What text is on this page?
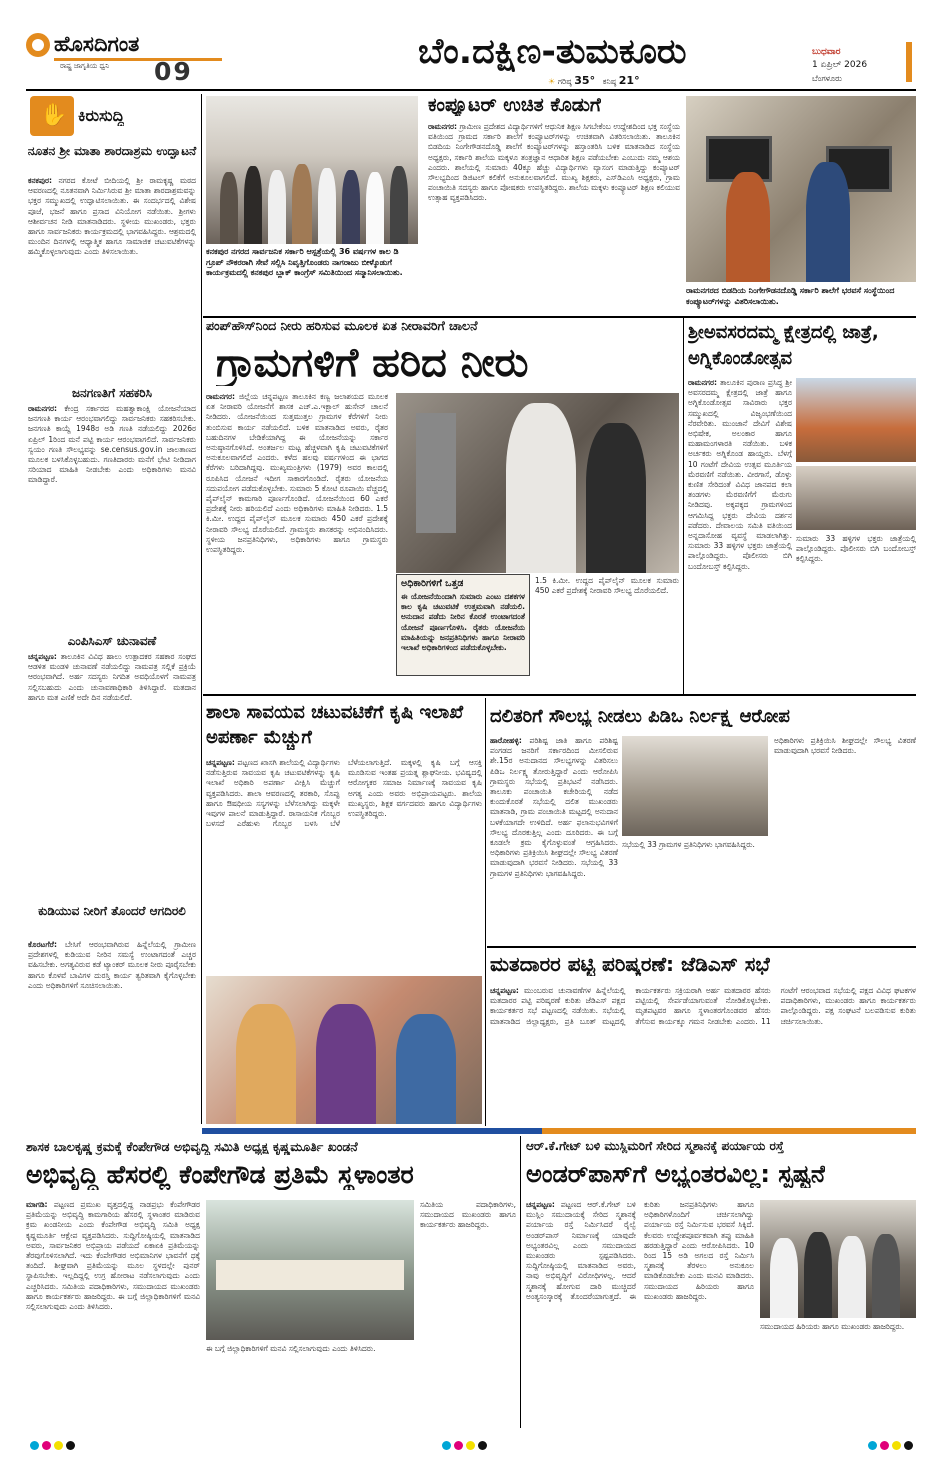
ಹೊಸದಿಗಂತ
ರಾಷ್ಟ್ರ ಜಾಗೃತಿಯ ಧ್ವನಿ 09	ಬೆಂ.ದಕ್ಷಿಣ-ತುಮಕೂರು
☀ ಗರಿಷ್ಠ 35° ಕನಿಷ್ಠ 21°
ಬುಧವಾರ
1 ಏಪ್ರಿಲ್ 2026
ಬೆಂಗಳೂರು
✋ ಕಿರುಸುದ್ದಿ
ನೂತನ ಶ್ರೀ ಮಾತಾ ಶಾರದಾಶ್ರಮ ಉದ್ಘಾಟನೆ
ಕನಕಪುರ: ನಗರದ ಕೋಟೆ ಬೀದಿಯಲ್ಲಿ ಶ್ರೀ ರಾಮಕೃಷ್ಣ ಮಠದ ಆವರಣದಲ್ಲಿ ನೂತನವಾಗಿ ನಿರ್ಮಿಸಿರುವ ಶ್ರೀ ಮಾತಾ ಶಾರದಾಶ್ರಮವನ್ನು ಭಕ್ತರ ಸಮ್ಮುಖದಲ್ಲಿ ಉದ್ಘಾಟಿಸಲಾಯಿತು. ಈ ಸಂದರ್ಭದಲ್ಲಿ ವಿಶೇಷ ಪೂಜೆ, ಭಜನೆ ಹಾಗೂ ಪ್ರಸಾದ ವಿನಿಯೋಗ ನಡೆಯಿತು. ಶ್ರೀಗಳು ಆಶೀರ್ವಚನ ನೀಡಿ ಮಾತನಾಡಿದರು. ಸ್ಥಳೀಯ ಮುಖಂಡರು, ಭಕ್ತರು ಹಾಗೂ ಸಾರ್ವಜನಿಕರು ಕಾರ್ಯಕ್ರಮದಲ್ಲಿ ಭಾಗವಹಿಸಿದ್ದರು. ಆಶ್ರಮದಲ್ಲಿ ಮುಂದಿನ ದಿನಗಳಲ್ಲಿ ಆಧ್ಯಾತ್ಮಿಕ ಹಾಗೂ ಸಾಮಾಜಿಕ ಚಟುವಟಿಕೆಗಳನ್ನು ಹಮ್ಮಿಕೊಳ್ಳಲಾಗುವುದು ಎಂದು ತಿಳಿಸಲಾಯಿತು.
ಜನಗಣತಿಗೆ ಸಹಕರಿಸಿ
ರಾಮನಗರ: ಕೇಂದ್ರ ಸರ್ಕಾರದ ಮಹತ್ವಾಕಾಂಕ್ಷಿ ಯೋಜನೆಯಾದ ಜನಗಣತಿ ಕಾರ್ಯ ಆರಂಭವಾಗಲಿದ್ದು ಸಾರ್ವಜನಿಕರು ಸಹಕರಿಸಬೇಕು. ಜನಗಣತಿ ಕಾಯ್ದೆ 1948ರ ಅಡಿ ಗಣತಿ ನಡೆಯಲಿದ್ದು 2026ರ ಏಪ್ರಿಲ್ 1ರಿಂದ ಮನೆ ಪಟ್ಟಿ ಕಾರ್ಯ ಆರಂಭವಾಗಲಿದೆ. ಸಾರ್ವಜನಿಕರು ಸ್ವಯಂ ಗಣತಿ ಸೌಲಭ್ಯವನ್ನು se.census.gov.in ಜಾಲತಾಣದ ಮೂಲಕ ಬಳಸಿಕೊಳ್ಳಬಹುದು. ಗಣತಿದಾರರು ಮನೆಗೆ ಭೇಟಿ ನೀಡಿದಾಗ ಸರಿಯಾದ ಮಾಹಿತಿ ನೀಡಬೇಕು ಎಂದು ಅಧಿಕಾರಿಗಳು ಮನವಿ ಮಾಡಿದ್ದಾರೆ.
ಎಂಪಿಸಿಎಸ್ ಚುನಾವಣೆ
ಚನ್ನಪಟ್ಟಣ: ತಾಲೂಕಿನ ವಿವಿಧ ಹಾಲು ಉತ್ಪಾದಕರ ಸಹಕಾರ ಸಂಘದ ಆಡಳಿತ ಮಂಡಳಿ ಚುನಾವಣೆ ನಡೆಯಲಿದ್ದು ನಾಮಪತ್ರ ಸಲ್ಲಿಕೆ ಪ್ರಕ್ರಿಯೆ ಆರಂಭವಾಗಿದೆ. ಅರ್ಹ ಸದಸ್ಯರು ನಿಗದಿತ ಅವಧಿಯೊಳಗೆ ನಾಮಪತ್ರ ಸಲ್ಲಿಸಬಹುದು ಎಂದು ಚುನಾವಣಾಧಿಕಾರಿ ತಿಳಿಸಿದ್ದಾರೆ. ಮತದಾನ ಹಾಗೂ ಮತ ಎಣಿಕೆ ಅದೇ ದಿನ ನಡೆಯಲಿದೆ.
ಕುಡಿಯುವ ನೀರಿಗೆ ತೊಂದರೆ ಆಗದಿರಲಿ
ಕೊರಟಗೆರೆ: ಬೇಸಿಗೆ ಆರಂಭವಾಗಿರುವ ಹಿನ್ನೆಲೆಯಲ್ಲಿ ಗ್ರಾಮೀಣ ಪ್ರದೇಶಗಳಲ್ಲಿ ಕುಡಿಯುವ ನೀರಿನ ಸಮಸ್ಯೆ ಉಂಟಾಗದಂತೆ ಎಚ್ಚರ ವಹಿಸಬೇಕು. ಅಗತ್ಯವಿರುವ ಕಡೆ ಟ್ಯಾಂಕರ್ ಮೂಲಕ ನೀರು ಪೂರೈಸಬೇಕು ಹಾಗೂ ಕೊಳವೆ ಬಾವಿಗಳ ದುರಸ್ತಿ ಕಾರ್ಯ ತ್ವರಿತವಾಗಿ ಕೈಗೊಳ್ಳಬೇಕು ಎಂದು ಅಧಿಕಾರಿಗಳಿಗೆ ಸೂಚಿಸಲಾಯಿತು.
ಕನಕಪುರ ನಗರದ ಸಾರ್ವಜನಿಕ ಸರ್ಕಾರಿ ಆಸ್ಪತ್ರೆಯಲ್ಲಿ 36 ವರ್ಷಗಳ ಕಾಲ ಡಿ ಗ್ರೂಪ್ ನೌಕರರಾಗಿ ಸೇವೆ ಸಲ್ಲಿಸಿ ನಿವೃತ್ತಿಗೊಂಡರು ನಾಗರಾಜು ಬೀಳ್ಕೊಡುಗೆ ಕಾರ್ಯಕ್ರಮದಲ್ಲಿ ಕನಕಪುರ ಬ್ಲಾಕ್ ಕಾಂಗ್ರೆಸ್ ಸಮಿತಿಯಿಂದ ಸನ್ಮಾನಿಸಲಾಯಿತು.
ಕಂಪ್ಯೂಟರ್ ಉಚಿತ ಕೊಡುಗೆ
ರಾಮನಗರ: ಗ್ರಾಮೀಣ ಪ್ರದೇಶದ ವಿದ್ಯಾರ್ಥಿಗಳಿಗೆ ಆಧುನಿಕ ಶಿಕ್ಷಣ ಸಿಗಬೇಕೆಂಬ ಉದ್ದೇಶದಿಂದ ಭಕ್ತ ಸಂಸ್ಥೆಯ ವತಿಯಿಂದ ಗ್ರಾಮದ ಸರ್ಕಾರಿ ಶಾಲೆಗೆ ಕಂಪ್ಯೂಟರ್‌ಗಳನ್ನು ಉಚಿತವಾಗಿ ವಿತರಿಸಲಾಯಿತು. ತಾಲೂಕಿನ ಬಿಡದಿಯ ನಿಂಗೇಗೌಡನದೊಡ್ಡಿ ಶಾಲೆಗೆ ಕಂಪ್ಯೂಟರ್‌ಗಳನ್ನು ಹಸ್ತಾಂತರಿಸಿ ಬಳಿಕ ಮಾತನಾಡಿದ ಸಂಸ್ಥೆಯ ಅಧ್ಯಕ್ಷರು, ಸರ್ಕಾರಿ ಶಾಲೆಯ ಮಕ್ಕಳೂ ತಂತ್ರಜ್ಞಾನ ಆಧಾರಿತ ಶಿಕ್ಷಣ ಪಡೆಯಬೇಕು ಎಂಬುದು ನಮ್ಮ ಆಶಯ ಎಂದರು. ಶಾಲೆಯಲ್ಲಿ ಸುಮಾರು 40ಕ್ಕೂ ಹೆಚ್ಚು ವಿದ್ಯಾರ್ಥಿಗಳು ವ್ಯಾಸಂಗ ಮಾಡುತ್ತಿದ್ದು ಕಂಪ್ಯೂಟರ್ ಸೌಲಭ್ಯದಿಂದ ಡಿಜಿಟಲ್ ಕಲಿಕೆಗೆ ಅನುಕೂಲವಾಗಲಿದೆ. ಮುಖ್ಯ ಶಿಕ್ಷಕರು, ಎಸ್‌ಡಿಎಂಸಿ ಅಧ್ಯಕ್ಷರು, ಗ್ರಾಮ ಪಂಚಾಯಿತಿ ಸದಸ್ಯರು ಹಾಗೂ ಪೋಷಕರು ಉಪಸ್ಥಿತರಿದ್ದರು. ಶಾಲೆಯ ಮಕ್ಕಳು ಕಂಪ್ಯೂಟರ್ ಶಿಕ್ಷಣ ಕಲಿಯುವ ಉತ್ಸಾಹ ವ್ಯಕ್ತಪಡಿಸಿದರು.
ರಾಮನಗರದ ಬಿಡದಿಯ ನಿಂಗೇಗೌಡನದೊಡ್ಡಿ ಸರ್ಕಾರಿ ಶಾಲೆಗೆ ಭರವಸೆ ಸಂಸ್ಥೆಯಿಂದ ಕಂಪ್ಯೂಟರ್‌ಗಳನ್ನು ವಿತರಿಸಲಾಯಿತು.
ಪಂಪ್‌ಹೌಸ್‌ನಿಂದ ನೀರು ಹರಿಸುವ ಮೂಲಕ ಏತ ನೀರಾವರಿಗೆ ಚಾಲನೆ
ಗ್ರಾಮಗಳಿಗೆ ಹರಿದ ನೀರು
ರಾಮನಗರ: ಜಿಲ್ಲೆಯ ಚನ್ನಪಟ್ಟಣ ತಾಲೂಕಿನ ಕಣ್ವ ಜಲಾಶಯದ ಮೂಲಕ ಏತ ನೀರಾವರಿ ಯೋಜನೆಗೆ ಶಾಸಕ ಎಚ್.ಎ.ಇಕ್ಬಾಲ್ ಹುಸೇನ್ ಚಾಲನೆ ನೀಡಿದರು. ಯೋಜನೆಯಿಂದ ಸುತ್ತಮುತ್ತಲ ಗ್ರಾಮಗಳ ಕೆರೆಗಳಿಗೆ ನೀರು ತುಂಬಿಸುವ ಕಾರ್ಯ ನಡೆಯಲಿದೆ. ಬಳಿಕ ಮಾತನಾಡಿದ ಅವರು, ರೈತರ ಬಹುದಿನಗಳ ಬೇಡಿಕೆಯಾಗಿದ್ದ ಈ ಯೋಜನೆಯನ್ನು ಸರ್ಕಾರ ಅನುಷ್ಠಾನಗೊಳಿಸಿದೆ. ಅಂತರ್ಜಲ ಮಟ್ಟ ಹೆಚ್ಚಳವಾಗಿ ಕೃಷಿ ಚಟುವಟಿಕೆಗಳಿಗೆ ಅನುಕೂಲವಾಗಲಿದೆ ಎಂದರು. ಕಳೆದ ಹಲವು ವರ್ಷಗಳಿಂದ ಈ ಭಾಗದ ಕೆರೆಗಳು ಬರಿದಾಗಿದ್ದವು. ಮುಖ್ಯಮಂತ್ರಿಗಳು (1979) ಅವರ ಕಾಲದಲ್ಲಿ ರೂಪಿಸಿದ ಯೋಜನೆ ಇದೀಗ ಸಾಕಾರಗೊಂಡಿದೆ. ರೈತರು ಯೋಜನೆಯ ಸದುಪಯೋಗ ಪಡೆದುಕೊಳ್ಳಬೇಕು. ಸುಮಾರು 5 ಕೋಟಿ ರೂಪಾಯಿ ವೆಚ್ಚದಲ್ಲಿ ಪೈಪ್‌ಲೈನ್ ಕಾಮಗಾರಿ ಪೂರ್ಣಗೊಂಡಿದೆ. ಯೋಜನೆಯಿಂದ 60 ಎಕರೆ ಪ್ರದೇಶಕ್ಕೆ ನೀರು ಹರಿಯಲಿದೆ ಎಂದು ಅಧಿಕಾರಿಗಳು ಮಾಹಿತಿ ನೀಡಿದರು. 1.5 ಕಿ.ಮೀ. ಉದ್ದದ ಪೈಪ್‌ಲೈನ್ ಮೂಲಕ ಸುಮಾರು 450 ಎಕರೆ ಪ್ರದೇಶಕ್ಕೆ ನೀರಾವರಿ ಸೌಲಭ್ಯ ದೊರೆಯಲಿದೆ. ಗ್ರಾಮಸ್ಥರು ಶಾಸಕರನ್ನು ಅಭಿನಂದಿಸಿದರು. ಸ್ಥಳೀಯ ಜನಪ್ರತಿನಿಧಿಗಳು, ಅಧಿಕಾರಿಗಳು ಹಾಗೂ ಗ್ರಾಮಸ್ಥರು ಉಪಸ್ಥಿತರಿದ್ದರು.
ಅಧಿಕಾರಿಗಳಿಗೆ ಒತ್ತಡ
ಈ ಯೋಜನೆಯಿಂದಾಗಿ ಸುಮಾರು ಎಂಟು ದಶಕಗಳ ಕಾಲ ಕೃಷಿ ಚಟುವಟಿಕೆ ಉತ್ತಮವಾಗಿ ನಡೆಯಲಿ. ಅನುದಾನ ಪಡೆದು ನೀರಿನ ಕೊರತೆ ಉಂಟಾಗದಂತೆ ಯೋಜನೆ ಪೂರ್ಣಗೊಳಿಸಿ. ರೈತರು ಯೋಜನೆಯ ಮಾಹಿತಿಯನ್ನು ಜನಪ್ರತಿನಿಧಿಗಳು ಹಾಗೂ ನೀರಾವರಿ ಇಲಾಖೆ ಅಧಿಕಾರಿಗಳಿಂದ ಪಡೆದುಕೊಳ್ಳಬೇಕು.
1.5 ಕಿ.ಮೀ. ಉದ್ದದ ಪೈಪ್‌ಲೈನ್ ಮೂಲಕ ಸುಮಾರು 450 ಎಕರೆ ಪ್ರದೇಶಕ್ಕೆ ನೀರಾವರಿ ಸೌಲಭ್ಯ ದೊರೆಯಲಿದೆ.
ಶ್ರೀಅವಸರದಮ್ಮ ಕ್ಷೇತ್ರದಲ್ಲಿ ಜಾತ್ರೆ, ಅಗ್ನಿಕೊಂಡೋತ್ಸವ
ರಾಮನಗರ: ತಾಲೂಕಿನ ಪುರಾಣ ಪ್ರಸಿದ್ಧ ಶ್ರೀ ಅವಸರದಮ್ಮ ಕ್ಷೇತ್ರದಲ್ಲಿ ಜಾತ್ರೆ ಹಾಗೂ ಅಗ್ನಿಕೊಂಡೋತ್ಸವ ಸಾವಿರಾರು ಭಕ್ತರ ಸಮ್ಮುಖದಲ್ಲಿ ವಿಜೃಂಭಣೆಯಿಂದ ನೆರವೇರಿತು. ಮುಂಜಾನೆ ದೇವಿಗೆ ವಿಶೇಷ ಅಭಿಷೇಕ, ಅಲಂಕಾರ ಹಾಗೂ ಮಹಾಮಂಗಳಾರತಿ ನಡೆಯಿತು. ಬಳಿಕ ಅರ್ಚಕರು ಅಗ್ನಿಕೊಂಡ ಹಾಯ್ದರು. ಬೆಳಗ್ಗೆ 10 ಗಂಟೆಗೆ ದೇವಿಯ ಉತ್ಸವ ಮೂರ್ತಿಯ ಮೆರವಣಿಗೆ ನಡೆಯಿತು. ವೀರಗಾಸೆ, ಡೊಳ್ಳು ಕುಣಿತ ಸೇರಿದಂತೆ ವಿವಿಧ ಜಾನಪದ ಕಲಾ ತಂಡಗಳು ಮೆರವಣಿಗೆಗೆ ಮೆರುಗು ನೀಡಿದವು. ಅಕ್ಕಪಕ್ಕದ ಗ್ರಾಮಗಳಿಂದ ಆಗಮಿಸಿದ್ದ ಭಕ್ತರು ದೇವಿಯ ದರ್ಶನ ಪಡೆದರು. ದೇವಾಲಯ ಸಮಿತಿ ವತಿಯಿಂದ ಅನ್ನದಾಸೋಹ ವ್ಯವಸ್ಥೆ ಮಾಡಲಾಗಿತ್ತು. ಸುಮಾರು 33 ಹಳ್ಳಿಗಳ ಭಕ್ತರು ಜಾತ್ರೆಯಲ್ಲಿ ಪಾಲ್ಗೊಂಡಿದ್ದರು. ಪೊಲೀಸರು ಬಿಗಿ ಬಂದೋಬಸ್ತ್ ಕಲ್ಪಿಸಿದ್ದರು.
ಸುಮಾರು 33 ಹಳ್ಳಿಗಳ ಭಕ್ತರು ಜಾತ್ರೆಯಲ್ಲಿ ಪಾಲ್ಗೊಂಡಿದ್ದರು. ಪೊಲೀಸರು ಬಿಗಿ ಬಂದೋಬಸ್ತ್ ಕಲ್ಪಿಸಿದ್ದರು.
ಶಾಲಾ ಸಾವಯವ ಚಟುವಟಿಕೆಗೆ ಕೃಷಿ ಇಲಾಖೆ ಅಪರ್ಣಾ ಮೆಚ್ಚುಗೆ
ಚನ್ನಪಟ್ಟಣ: ಪಟ್ಟಣದ ಖಾಸಗಿ ಶಾಲೆಯಲ್ಲಿ ವಿದ್ಯಾರ್ಥಿಗಳು ನಡೆಸುತ್ತಿರುವ ಸಾವಯವ ಕೃಷಿ ಚಟುವಟಿಕೆಗಳನ್ನು ಕೃಷಿ ಇಲಾಖೆ ಅಧಿಕಾರಿ ಅಪರ್ಣಾ ವೀಕ್ಷಿಸಿ ಮೆಚ್ಚುಗೆ ವ್ಯಕ್ತಪಡಿಸಿದರು. ಶಾಲಾ ಆವರಣದಲ್ಲಿ ತರಕಾರಿ, ಸೊಪ್ಪು ಹಾಗೂ ಔಷಧೀಯ ಸಸ್ಯಗಳನ್ನು ಬೆಳೆಸಲಾಗಿದ್ದು ಮಕ್ಕಳೇ ಇವುಗಳ ಪಾಲನೆ ಮಾಡುತ್ತಿದ್ದಾರೆ. ರಾಸಾಯನಿಕ ಗೊಬ್ಬರ ಬಳಸದೆ ಎರೆಹುಳು ಗೊಬ್ಬರ ಬಳಸಿ ಬೆಳೆ ಬೆಳೆಯಲಾಗುತ್ತಿದೆ. ಮಕ್ಕಳಲ್ಲಿ ಕೃಷಿ ಬಗ್ಗೆ ಆಸಕ್ತಿ ಮೂಡಿಸುವ ಇಂತಹ ಪ್ರಯತ್ನ ಶ್ಲಾಘನೀಯ. ಭವಿಷ್ಯದಲ್ಲಿ ಆರೋಗ್ಯಕರ ಸಮಾಜ ನಿರ್ಮಾಣಕ್ಕೆ ಸಾವಯವ ಕೃಷಿ ಅಗತ್ಯ ಎಂದು ಅವರು ಅಭಿಪ್ರಾಯಪಟ್ಟರು. ಶಾಲೆಯ ಮುಖ್ಯಸ್ಥರು, ಶಿಕ್ಷಕ ವರ್ಗದವರು ಹಾಗೂ ವಿದ್ಯಾರ್ಥಿಗಳು ಉಪಸ್ಥಿತರಿದ್ದರು.
ದಲಿತರಿಗೆ ಸೌಲಭ್ಯ ನೀಡಲು ಪಿಡಿಒ ನಿರ್ಲಕ್ಷ್ಯ ಆರೋಪ
ಹಾರೋಹಳ್ಳಿ: ಪರಿಶಿಷ್ಟ ಜಾತಿ ಹಾಗೂ ಪರಿಶಿಷ್ಟ ಪಂಗಡದ ಜನರಿಗೆ ಸರ್ಕಾರದಿಂದ ಮೀಸಲಿರುವ ಶೇ.15ರ ಅನುದಾನದ ಸೌಲಭ್ಯಗಳನ್ನು ವಿತರಿಸಲು ಪಿಡಿಒ ನಿರ್ಲಕ್ಷ್ಯ ತೋರುತ್ತಿದ್ದಾರೆ ಎಂದು ಆರೋಪಿಸಿ ಗ್ರಾಮಸ್ಥರು ಸಭೆಯಲ್ಲಿ ಪ್ರತಿಭಟನೆ ನಡೆಸಿದರು. ತಾಲೂಕು ಪಂಚಾಯಿತಿ ಕಚೇರಿಯಲ್ಲಿ ನಡೆದ ಕುಂದುಕೊರತೆ ಸಭೆಯಲ್ಲಿ ದಲಿತ ಮುಖಂಡರು ಮಾತನಾಡಿ, ಗ್ರಾಮ ಪಂಚಾಯಿತಿ ಮಟ್ಟದಲ್ಲಿ ಅನುದಾನ ಬಳಕೆಯಾಗದೇ ಉಳಿದಿದೆ. ಅರ್ಹ ಫಲಾನುಭವಿಗಳಿಗೆ ಸೌಲಭ್ಯ ದೊರಕುತ್ತಿಲ್ಲ ಎಂದು ದೂರಿದರು. ಈ ಬಗ್ಗೆ ಕೂಡಲೇ ಕ್ರಮ ಕೈಗೊಳ್ಳುವಂತೆ ಆಗ್ರಹಿಸಿದರು. ಅಧಿಕಾರಿಗಳು ಪ್ರತಿಕ್ರಿಯಿಸಿ ಶೀಘ್ರದಲ್ಲೇ ಸೌಲಭ್ಯ ವಿತರಣೆ ಮಾಡುವುದಾಗಿ ಭರವಸೆ ನೀಡಿದರು. ಸಭೆಯಲ್ಲಿ 33 ಗ್ರಾಮಗಳ ಪ್ರತಿನಿಧಿಗಳು ಭಾಗವಹಿಸಿದ್ದರು.
ಸಭೆಯಲ್ಲಿ 33 ಗ್ರಾಮಗಳ ಪ್ರತಿನಿಧಿಗಳು ಭಾಗವಹಿಸಿದ್ದರು.
ಅಧಿಕಾರಿಗಳು ಪ್ರತಿಕ್ರಿಯಿಸಿ ಶೀಘ್ರದಲ್ಲೇ ಸೌಲಭ್ಯ ವಿತರಣೆ ಮಾಡುವುದಾಗಿ ಭರವಸೆ ನೀಡಿದರು.
ಮತದಾರರ ಪಟ್ಟಿ ಪರಿಷ್ಕರಣೆ: ಜೆಡಿಎಸ್ ಸಭೆ
ಚನ್ನಪಟ್ಟಣ: ಮುಂಬರುವ ಚುನಾವಣೆಗಳ ಹಿನ್ನೆಲೆಯಲ್ಲಿ ಮತದಾರರ ಪಟ್ಟಿ ಪರಿಷ್ಕರಣೆ ಕುರಿತು ಜೆಡಿಎಸ್ ಪಕ್ಷದ ಕಾರ್ಯಕರ್ತರ ಸಭೆ ಪಟ್ಟಣದಲ್ಲಿ ನಡೆಯಿತು. ಸಭೆಯಲ್ಲಿ ಮಾತನಾಡಿದ ಜಿಲ್ಲಾಧ್ಯಕ್ಷರು, ಪ್ರತಿ ಬೂತ್ ಮಟ್ಟದಲ್ಲಿ ಕಾರ್ಯಕರ್ತರು ಸಕ್ರಿಯರಾಗಿ ಅರ್ಹ ಮತದಾರರ ಹೆಸರು ಪಟ್ಟಿಯಲ್ಲಿ ಸೇರ್ಪಡೆಯಾಗುವಂತೆ ನೋಡಿಕೊಳ್ಳಬೇಕು. ಮೃತಪಟ್ಟವರ ಹಾಗೂ ಸ್ಥಳಾಂತರಗೊಂಡವರ ಹೆಸರು ತೆಗೆಸುವ ಕಾರ್ಯಕ್ಕೂ ಗಮನ ನೀಡಬೇಕು ಎಂದರು. 11 ಗಂಟೆಗೆ ಆರಂಭವಾದ ಸಭೆಯಲ್ಲಿ ಪಕ್ಷದ ವಿವಿಧ ಘಟಕಗಳ ಪದಾಧಿಕಾರಿಗಳು, ಮುಖಂಡರು ಹಾಗೂ ಕಾರ್ಯಕರ್ತರು ಪಾಲ್ಗೊಂಡಿದ್ದರು. ಪಕ್ಷ ಸಂಘಟನೆ ಬಲಪಡಿಸುವ ಕುರಿತು ಚರ್ಚಿಸಲಾಯಿತು.
ಶಾಸಕ ಬಾಲಕೃಷ್ಣ ಕ್ರಮಕ್ಕೆ ಕೆಂಪೇಗೌಡ ಅಭಿವೃದ್ಧಿ ಸಮಿತಿ ಅಧ್ಯಕ್ಷ ಕೃಷ್ಣಮೂರ್ತಿ ಖಂಡನೆ
ಅಭಿವೃದ್ಧಿ ಹೆಸರಲ್ಲಿ ಕೆಂಪೇಗೌಡ ಪ್ರತಿಮೆ ಸ್ಥಳಾಂತರ
ಮಾಗಡಿ: ಪಟ್ಟಣದ ಪ್ರಮುಖ ವೃತ್ತದಲ್ಲಿದ್ದ ನಾಡಪ್ರಭು ಕೆಂಪೇಗೌಡರ ಪ್ರತಿಮೆಯನ್ನು ಅಭಿವೃದ್ಧಿ ಕಾಮಗಾರಿಯ ಹೆಸರಲ್ಲಿ ಸ್ಥಳಾಂತರ ಮಾಡಿರುವ ಕ್ರಮ ಖಂಡನೀಯ ಎಂದು ಕೆಂಪೇಗೌಡ ಅಭಿವೃದ್ಧಿ ಸಮಿತಿ ಅಧ್ಯಕ್ಷ ಕೃಷ್ಣಮೂರ್ತಿ ಆಕ್ಷೇಪ ವ್ಯಕ್ತಪಡಿಸಿದರು. ಸುದ್ದಿಗೋಷ್ಠಿಯಲ್ಲಿ ಮಾತನಾಡಿದ ಅವರು, ಸಾರ್ವಜನಿಕರ ಅಭಿಪ್ರಾಯ ಪಡೆಯದೆ ಏಕಾಏಕಿ ಪ್ರತಿಮೆಯನ್ನು ತೆರವುಗೊಳಿಸಲಾಗಿದೆ. ಇದು ಕೆಂಪೇಗೌಡರ ಅಭಿಮಾನಿಗಳ ಭಾವನೆಗೆ ಧಕ್ಕೆ ತಂದಿದೆ. ಶೀಘ್ರವಾಗಿ ಪ್ರತಿಮೆಯನ್ನು ಮೂಲ ಸ್ಥಳದಲ್ಲೇ ಪುನರ್ ಸ್ಥಾಪಿಸಬೇಕು. ಇಲ್ಲದಿದ್ದಲ್ಲಿ ಉಗ್ರ ಹೋರಾಟ ನಡೆಸಲಾಗುವುದು ಎಂದು ಎಚ್ಚರಿಸಿದರು. ಸಮಿತಿಯ ಪದಾಧಿಕಾರಿಗಳು, ಸಮುದಾಯದ ಮುಖಂಡರು ಹಾಗೂ ಕಾರ್ಯಕರ್ತರು ಹಾಜರಿದ್ದರು. ಈ ಬಗ್ಗೆ ಜಿಲ್ಲಾಧಿಕಾರಿಗಳಿಗೆ ಮನವಿ ಸಲ್ಲಿಸಲಾಗುವುದು ಎಂದು ತಿಳಿಸಿದರು.
ಈ ಬಗ್ಗೆ ಜಿಲ್ಲಾಧಿಕಾರಿಗಳಿಗೆ ಮನವಿ ಸಲ್ಲಿಸಲಾಗುವುದು ಎಂದು ತಿಳಿಸಿದರು.
ಸಮಿತಿಯ ಪದಾಧಿಕಾರಿಗಳು, ಸಮುದಾಯದ ಮುಖಂಡರು ಹಾಗೂ ಕಾರ್ಯಕರ್ತರು ಹಾಜರಿದ್ದರು.
ಆರ್.ಕೆ.ಗೇಟ್ ಬಳಿ ಮುಸ್ಲಿಮರಿಗೆ ಸೇರಿದ ಸ್ಮಶಾನಕ್ಕೆ ಪರ್ಯಾಯ ರಸ್ತೆ
ಅಂಡರ್‌ಪಾಸ್‌ಗೆ ಅಭ್ಯಂತರವಿಲ್ಲ: ಸ್ಪಷ್ಟನೆ
ಚನ್ನಪಟ್ಟಣ: ಪಟ್ಟಣದ ಆರ್.ಕೆ.ಗೇಟ್ ಬಳಿ ಮುಸ್ಲಿಂ ಸಮುದಾಯಕ್ಕೆ ಸೇರಿದ ಸ್ಮಶಾನಕ್ಕೆ ಪರ್ಯಾಯ ರಸ್ತೆ ನಿರ್ಮಿಸಿದರೆ ರೈಲ್ವೆ ಅಂಡರ್‌ಪಾಸ್ ನಿರ್ಮಾಣಕ್ಕೆ ಯಾವುದೇ ಅಭ್ಯಂತರವಿಲ್ಲ ಎಂದು ಸಮುದಾಯದ ಮುಖಂಡರು ಸ್ಪಷ್ಟಪಡಿಸಿದರು. ಸುದ್ದಿಗೋಷ್ಠಿಯಲ್ಲಿ ಮಾತನಾಡಿದ ಅವರು, ನಾವು ಅಭಿವೃದ್ಧಿಗೆ ವಿರೋಧಿಗಳಲ್ಲ. ಆದರೆ ಸ್ಮಶಾನಕ್ಕೆ ಹೋಗುವ ದಾರಿ ಮುಚ್ಚಿದರೆ ಅಂತ್ಯಸಂಸ್ಕಾರಕ್ಕೆ ತೊಂದರೆಯಾಗುತ್ತದೆ. ಈ ಕುರಿತು ಜನಪ್ರತಿನಿಧಿಗಳು ಹಾಗೂ ಅಧಿಕಾರಿಗಳೊಂದಿಗೆ ಚರ್ಚಿಸಲಾಗಿದ್ದು ಪರ್ಯಾಯ ರಸ್ತೆ ನಿರ್ಮಿಸುವ ಭರವಸೆ ಸಿಕ್ಕಿದೆ. ಕೆಲವರು ಉದ್ದೇಶಪೂರ್ವಕವಾಗಿ ತಪ್ಪು ಮಾಹಿತಿ ಹರಡುತ್ತಿದ್ದಾರೆ ಎಂದು ಆರೋಪಿಸಿದರು. 10 ರಿಂದ 15 ಅಡಿ ಅಗಲದ ರಸ್ತೆ ನಿರ್ಮಿಸಿ ಸ್ಮಶಾನಕ್ಕೆ ತೆರಳಲು ಅನುಕೂಲ ಮಾಡಿಕೊಡಬೇಕು ಎಂದು ಮನವಿ ಮಾಡಿದರು. ಸಮುದಾಯದ ಹಿರಿಯರು ಹಾಗೂ ಮುಖಂಡರು ಹಾಜರಿದ್ದರು.
ಸಮುದಾಯದ ಹಿರಿಯರು ಹಾಗೂ ಮುಖಂಡರು ಹಾಜರಿದ್ದರು.
